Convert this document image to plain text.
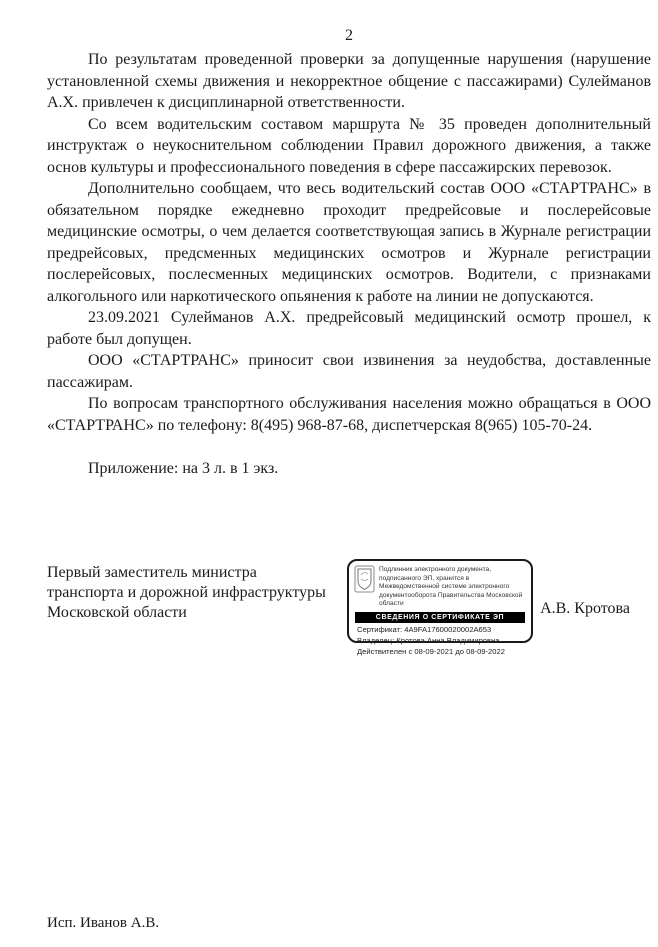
2

По результатам проведенной проверки за допущенные нарушения (нарушение установленной схемы движения и некорректное общение с пассажирами) Сулейманов А.Х. привлечен к дисциплинарной ответственности.

Со всем водительским составом маршрута № 35 проведен дополнительный инструктаж о неукоснительном соблюдении Правил дорожного движения, а также основ культуры и профессионального поведения в сфере пассажирских перевозок.

Дополнительно сообщаем, что весь водительский состав ООО «СТАРТРАНС» в обязательном порядке ежедневно проходит предрейсовые и послерейсовые медицинские осмотры, о чем делается соответствующая запись в Журнале регистрации предрейсовых, предсменных медицинских осмотров и Журнале регистрации послерейсовых, послесменных медицинских осмотров. Водители, с признаками алкогольного или наркотического опьянения к работе на линии не допускаются.

23.09.2021 Сулейманов А.Х. предрейсовый медицинский осмотр прошел, к работе был допущен.

ООО «СТАРТРАНС» приносит свои извинения за неудобства, доставленные пассажирам.

По вопросам транспортного обслуживания населения можно обращаться в ООО «СТАРТРАНС» по телефону: 8(495) 968-87-68, диспетчерская 8(965) 105-70-24.

Приложение: на 3 л. в 1 экз.

Первый заместитель министра
транспорта и дорожной инфраструктуры
Московской области
Подлинник электронного документа, подписанного ЭП, хранится в Межведомственной системе электронного документооборота Правительства Московской области
СВЕДЕНИЯ О СЕРТИФИКАТЕ ЭП
Сертификат: 4A9FA17600020002A653
Владелец: Кротова Анна Владимировна
Действителен с 08-09-2021 до 08-09-2022
А.В. Кротова
Исп. Иванов А.В.
